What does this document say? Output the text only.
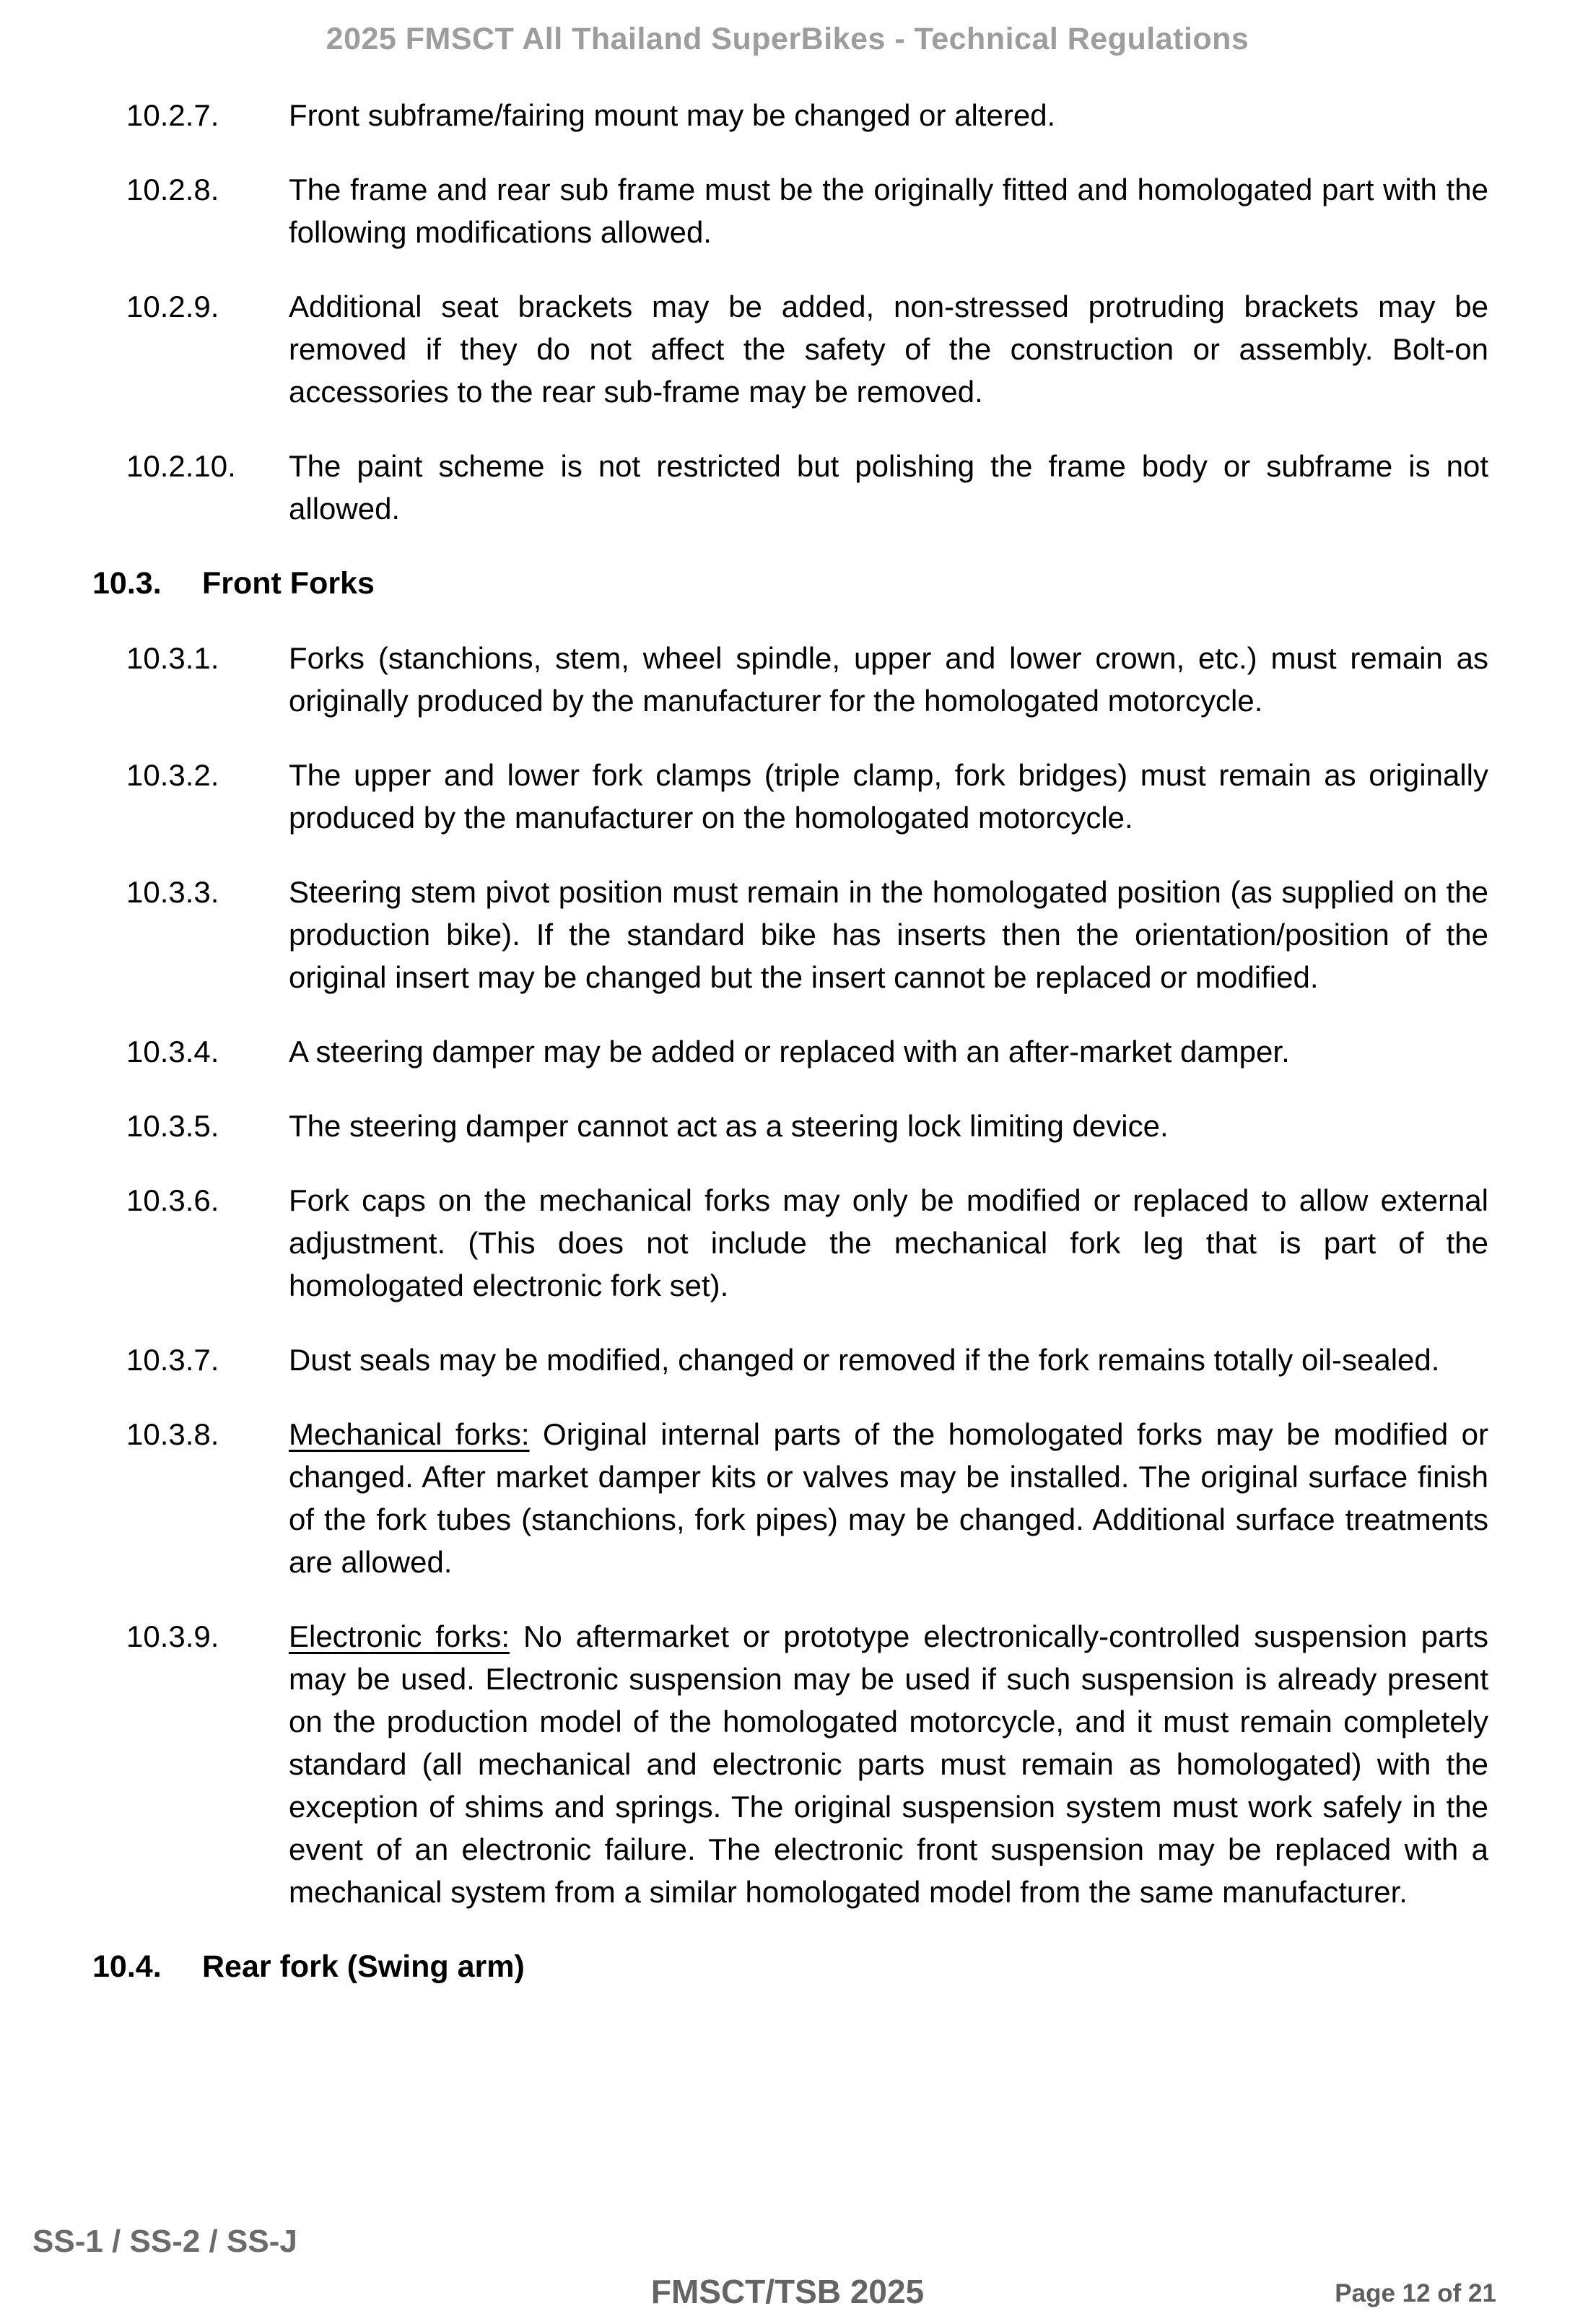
2025 FMSCT All Thailand SuperBikes - Technical Regulations
10.2.7.	Front subframe/fairing mount may be changed or altered.
10.2.8.	The frame and rear sub frame must be the originally fitted and homologated part with the following modifications allowed.
10.2.9.	Additional seat brackets may be added, non-stressed protruding brackets may be removed if they do not affect the safety of the construction or assembly. Bolt-on accessories to the rear sub-frame may be removed.
10.2.10.	The paint scheme is not restricted but polishing the frame body or subframe is not allowed.
10.3. Front Forks
10.3.1.	Forks (stanchions, stem, wheel spindle, upper and lower crown, etc.) must remain as originally produced by the manufacturer for the homologated motorcycle.
10.3.2.	The upper and lower fork clamps (triple clamp, fork bridges) must remain as originally produced by the manufacturer on the homologated motorcycle.
10.3.3.	Steering stem pivot position must remain in the homologated position (as supplied on the production bike). If the standard bike has inserts then the orientation/position of the original insert may be changed but the insert cannot be replaced or modified.
10.3.4.	A steering damper may be added or replaced with an after-market damper.
10.3.5.	The steering damper cannot act as a steering lock limiting device.
10.3.6.	Fork caps on the mechanical forks may only be modified or replaced to allow external adjustment. (This does not include the mechanical fork leg that is part of the homologated electronic fork set).
10.3.7.	Dust seals may be modified, changed or removed if the fork remains totally oil-sealed.
10.3.8.	Mechanical forks: Original internal parts of the homologated forks may be modified or changed. After market damper kits or valves may be installed. The original surface finish of the fork tubes (stanchions, fork pipes) may be changed. Additional surface treatments are allowed.
10.3.9.	Electronic forks: No aftermarket or prototype electronically-controlled suspension parts may be used. Electronic suspension may be used if such suspension is already present on the production model of the homologated motorcycle, and it must remain completely standard (all mechanical and electronic parts must remain as homologated) with the exception of shims and springs. The original suspension system must work safely in the event of an electronic failure. The electronic front suspension may be replaced with a mechanical system from a similar homologated model from the same manufacturer.
10.4. Rear fork (Swing arm)
SS-1 / SS-2 / SS-J
FMSCT/TSB 2025	Page 12 of 21
